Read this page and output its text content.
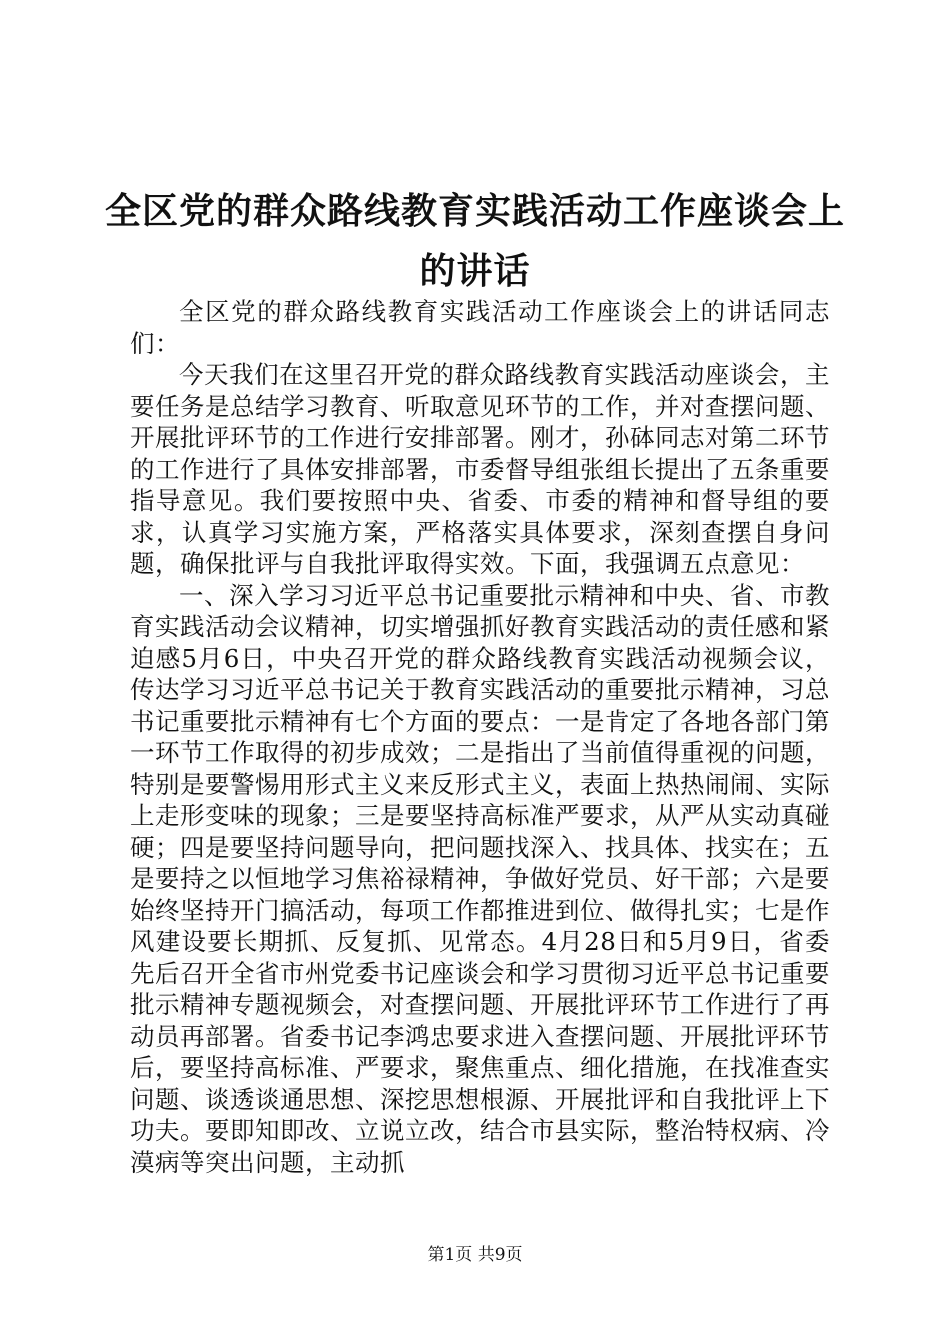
全区党的群众路线教育实践活动工作座谈会上
的讲话

全区党的群众路线教育实践活动工作座谈会上的讲话同志们：

今天我们在这里召开党的群众路线教育实践活动座谈会，主要任务是总结学习教育、听取意见环节的工作，并对查摆问题、开展批评环节的工作进行安排部署。刚才，孙砵同志对第二环节的工作进行了具体安排部署，市委督导组张组长提出了五条重要指导意见。我们要按照中央、省委、市委的精神和督导组的要求，认真学习实施方案，严格落实具体要求，深刻查摆自身问题，确保批评与自我批评取得实效。下面，我强调五点意见：

一、深入学习习近平总书记重要批示精神和中央、省、市教育实践活动会议精神，切实增强抓好教育实践活动的责任感和紧迫感5月6日，中央召开党的群众路线教育实践活动视频会议，传达学习习近平总书记关于教育实践活动的重要批示精神，习总书记重要批示精神有七个方面的要点：一是肯定了各地各部门第一环节工作取得的初步成效；二是指出了当前值得重视的问题，特别是要警惕用形式主义来反形式主义，表面上热热闹闹、实际上走形变味的现象；三是要坚持高标准严要求，从严从实动真碰硬；四是要坚持问题导向，把问题找深入、找具体、找实在；五是要持之以恒地学习焦裕禄精神，争做好党员、好干部；六是要始终坚持开门搞活动，每项工作都推进到位、做得扎实；七是作风建设要长期抓、反复抓、见常态。4月28日和5月9日，省委先后召开全省市州党委书记座谈会和学习贯彻习近平总书记重要批示精神专题视频会，对查摆问题、开展批评环节工作进行了再动员再部署。省委书记李鸿忠要求进入查摆问题、开展批评环节后，要坚持高标准、严要求，聚焦重点、细化措施，在找准查实问题、谈透谈通思想、深挖思想根源、开展批评和自我批评上下功夫。要即知即改、立说立改，结合市县实际，整治特权病、冷漠病等突出问题，主动抓

第1页 共9页
